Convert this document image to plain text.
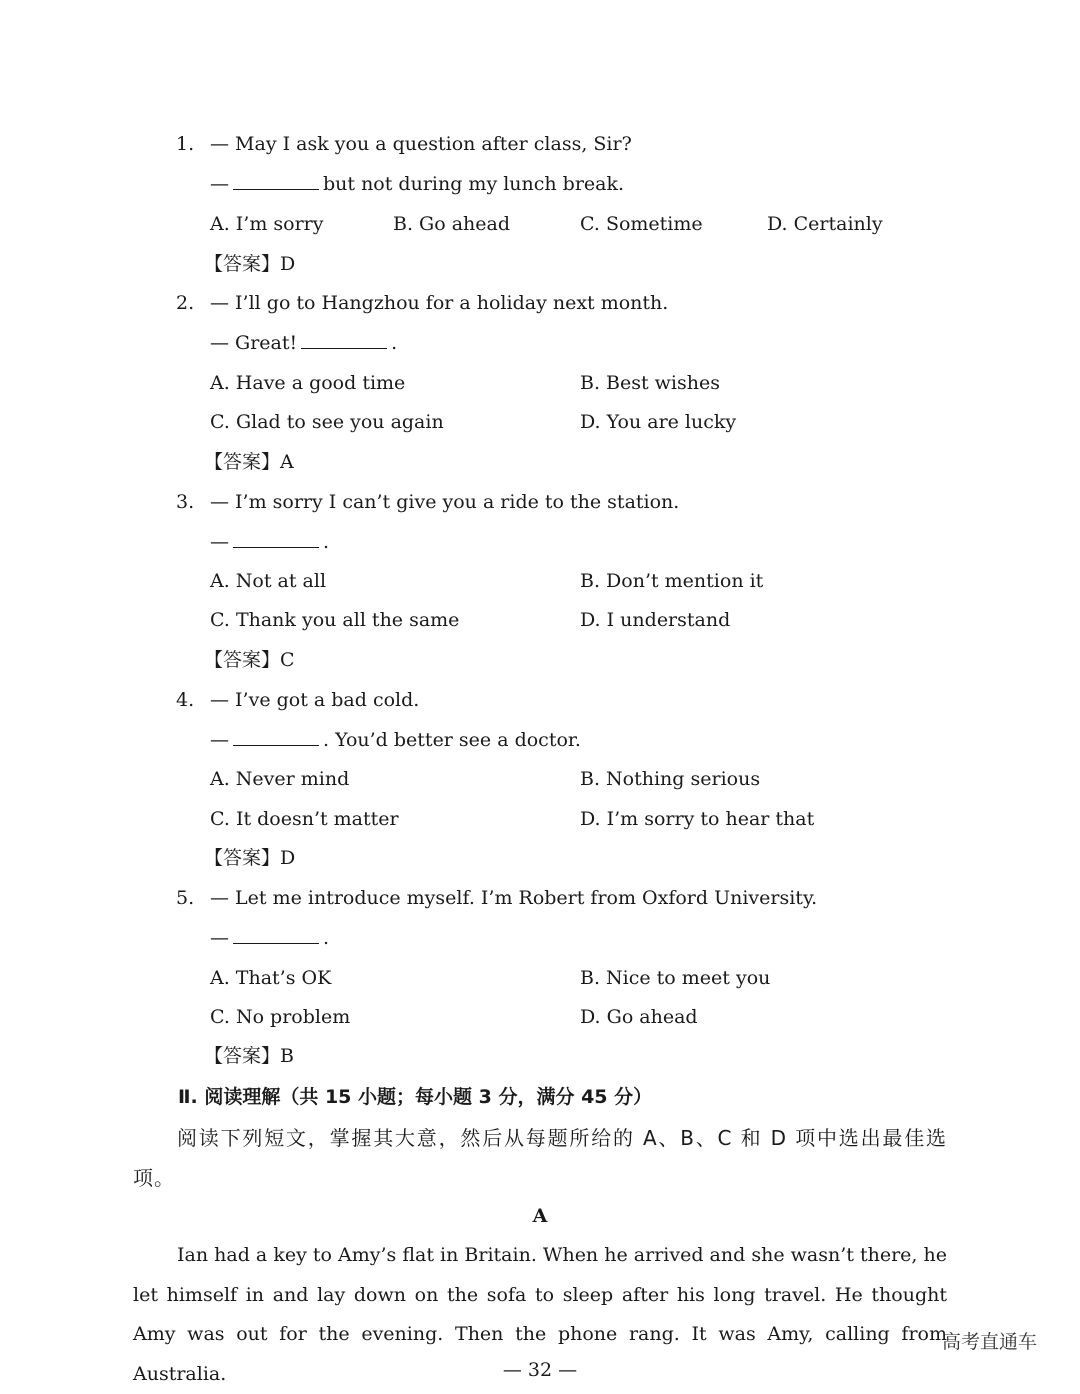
1. — May I ask you a question after class, Sir?
—	but not during my lunch break.
A. I’m sorry	B. Go ahead	C. Sometime	D. Certainly
【答案】D
2. — I’ll go to Hangzhou for a holiday next month.
— Great!	.
A. Have a good time	B. Best wishes
C. Glad to see you again	D. You are lucky
【答案】A
3. — I’m sorry I can’t give you a ride to the station.
—	.
A. Not at all	B. Don’t mention it
C. Thank you all the same	D. I understand
【答案】C
4. — I’ve got a bad cold.
—	. You’d better see a doctor.
A. Never mind	B. Nothing serious
C. It doesn’t matter	D. I’m sorry to hear that
【答案】D
5. — Let me introduce myself. I’m Robert from Oxford University.
—	.
A. That’s OK	B. Nice to meet you
C. No problem	D. Go ahead
【答案】B
Ⅱ. 阅读理解（共 15 小题；每小题 3 分，满分 45 分）
阅读下列短文，掌握其大意，然后从每题所给的 A、B、C 和 D 项中选出最佳选项。
A
Ian had a key to Amy’s flat in Britain. When he arrived and she wasn’t there, he let himself in and lay down on the sofa to sleep after his long travel. He thought Amy was out for the evening. Then the phone rang. It was Amy, calling from Australia.	— 32 —
高考直通车
